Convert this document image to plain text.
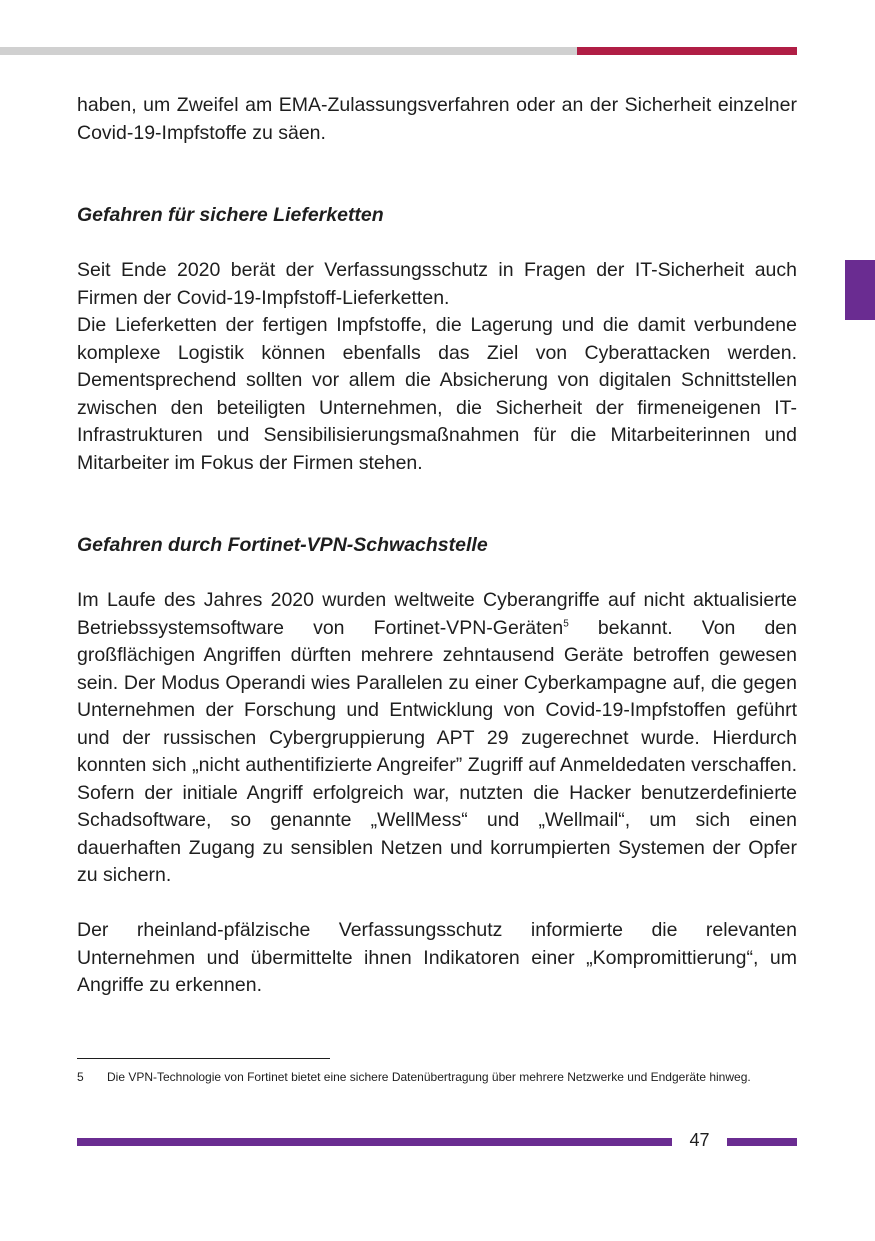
haben, um Zweifel am EMA-Zulassungsverfahren oder an der Sicherheit einzelner Covid-19-Impfstoffe zu säen.

Gefahren für sichere Lieferketten

Seit Ende 2020 berät der Verfassungsschutz in Fragen der IT-Sicherheit auch Firmen der Covid-19-Impfstoff-Lieferketten.

Die Lieferketten der fertigen Impfstoffe, die Lagerung und die damit verbundene komplexe Logistik können ebenfalls das Ziel von Cyberattacken werden. Dementsprechend sollten vor allem die Absicherung von digitalen Schnittstellen zwischen den beteiligten Unternehmen, die Sicherheit der firmeneigenen IT-Infrastrukturen und Sensibilisierungsmaßnahmen für die Mitarbeiterinnen und Mitarbeiter im Fokus der Firmen stehen.

Gefahren durch Fortinet-VPN-Schwachstelle

Im Laufe des Jahres 2020 wurden weltweite Cyberangriffe auf nicht aktualisierte Betriebssystemsoftware von Fortinet-VPN-Geräten$^5$ bekannt. Von den großflächigen Angriffen dürften mehrere zehntausend Geräte betroffen gewesen sein. Der Modus Operandi wies Parallelen zu einer Cyberkampagne auf, die gegen Unternehmen der Forschung und Entwicklung von Covid-19-Impfstoffen geführt und der russischen Cybergruppierung APT 29 zugerechnet wurde. Hierdurch konnten sich „nicht authentifizierte Angreifer” Zugriff auf Anmeldedaten verschaffen. Sofern der initiale Angriff erfolgreich war, nutzten die Hacker benutzerdefinierte Schadsoftware, so genannte „WellMess“ und „Wellmail“, um sich einen dauerhaften Zugang zu sensiblen Netzen und korrumpierten Systemen der Opfer zu sichern.

Der rheinland-pfälzische Verfassungsschutz informierte die relevanten Unternehmen und übermittelte ihnen Indikatoren einer „Kompromittierung“, um Angriffe zu erkennen.

5	Die VPN-Technologie von Fortinet bietet eine sichere Datenübertragung über mehrere Netzwerke und Endgeräte hinweg.
47
